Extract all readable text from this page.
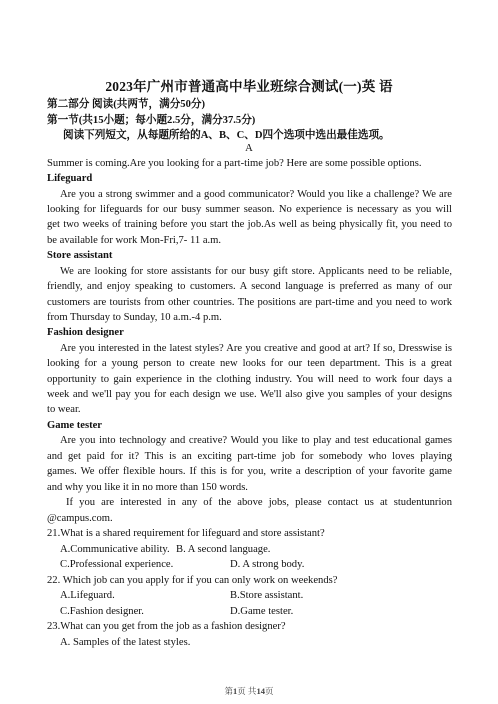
2023年广州市普通高中毕业班综合测试(一)英 语
第二部分 阅读(共两节，满分50分)
第一节(共15小题；每小题2.5分，满分37.5分)
阅读下列短文，从每题所给的A、B、C、D四个选项中选出最佳选项。
A
Summer is coming.Are you looking for a part-time job? Here are some possible options.
Lifeguard
Are you a strong swimmer and a good communicator? Would you like a challenge? We are
looking for lifeguards for our busy summer season. No experience is necessary as you will
get two weeks of training before you start the job.As well as being physically fit, you need to
be available for work Mon-Fri,7- 11 a.m.
Store assistant
We are looking for store assistants for our busy gift store. Applicants need to be reliable,
friendly, and enjoy speaking to customers. A second language is preferred as many of our
customers are tourists from other countries. The positions are part-time and you need to work
from Thursday to Sunday, 10 a.m.-4 p.m.
Fashion designer
Are you interested in the latest styles? Are you creative and good at art? If so, Dresswise is
looking for a young person to create new looks for our teen department. This is a great
opportunity to gain experience in the clothing industry. You will need to work four days a
week and we'll pay you for each design we use. We'll also give you samples of your designs
to wear.
Game tester
Are you into technology and creative? Would you like to play and test educational games
and get paid for it? This is an exciting part-time job for somebody who loves playing
games. We offer flexible hours. If this is for you, write a description of your favorite game
and why you like it in no more than 150 words.
If you are interested in any of the above jobs, please contact us at studentunrion
@campus.com.
21.What is a shared requirement for lifeguard and store assistant?
A.Communicative ability. B. A second language.
C.Professional experience.	D. A strong body.
22. Which job can you apply for if you can only work on weekends?
A.Lifeguard.	B.Store assistant.
C.Fashion designer.	D.Game tester.
23.What can you get from the job as a fashion designer?
A. Samples of the latest styles.
第1页 共14页
